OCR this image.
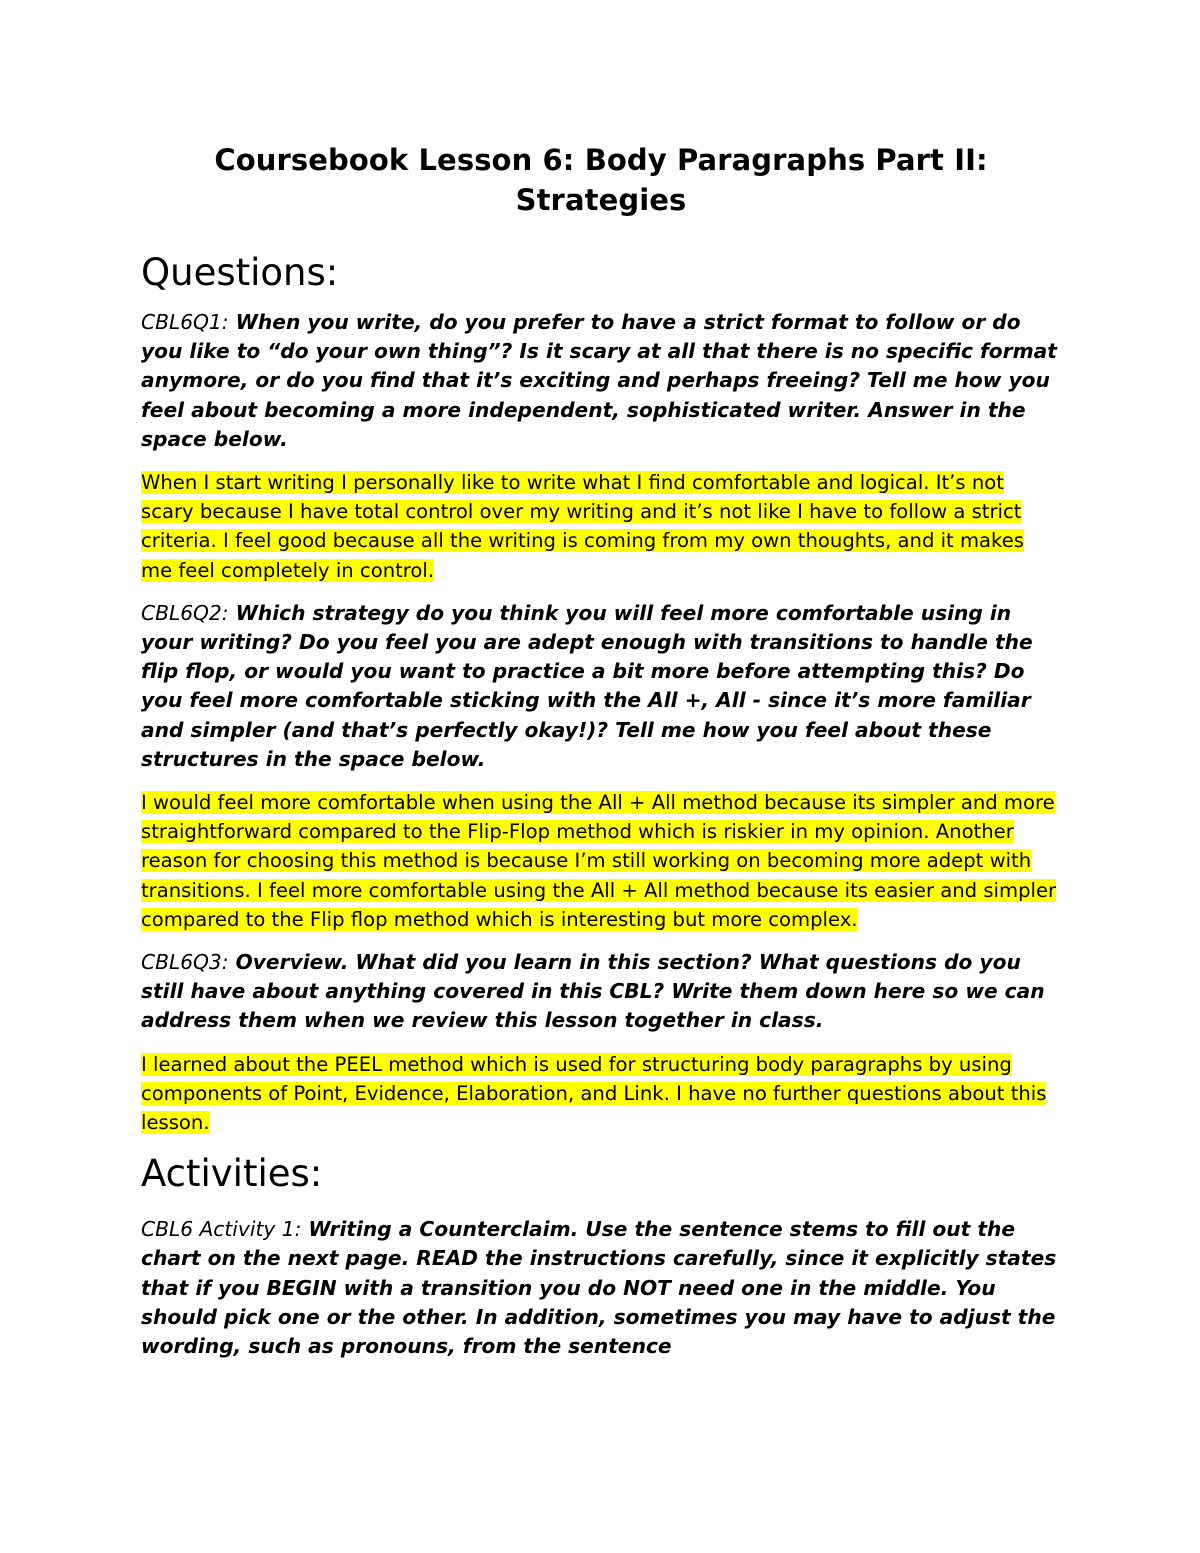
Coursebook Lesson 6: Body Paragraphs Part II:
Strategies
Questions:

CBL6Q1: When you write, do you prefer to have a strict format to follow or do you like to “do your own thing”? Is it scary at all that there is no specific format anymore, or do you find that it’s exciting and perhaps freeing? Tell me how you feel about becoming a more independent, sophisticated writer. Answer in the space below.

When I start writing I personally like to write what I find comfortable and logical. It’s not scary because I have total control over my writing and it’s not like I have to follow a strict criteria. I feel good because all the writing is coming from my own thoughts, and it makes me feel completely in control.

CBL6Q2: Which strategy do you think you will feel more comfortable using in your writing? Do you feel you are adept enough with transitions to handle the flip flop, or would you want to practice a bit more before attempting this? Do you feel more comfortable sticking with the All +, All - since it’s more familiar and simpler (and that’s perfectly okay!)? Tell me how you feel about these structures in the space below.

I would feel more comfortable when using the All + All method because its simpler and more straightforward compared to the Flip-Flop method which is riskier in my opinion. Another reason for choosing this method is because I’m still working on becoming more adept with transitions. I feel more comfortable using the All + All method because its easier and simpler compared to the Flip flop method which is interesting but more complex.

CBL6Q3: Overview. What did you learn in this section? What questions do you still have about anything covered in this CBL? Write them down here so we can address them when we review this lesson together in class.

I learned about the PEEL method which is used for structuring body paragraphs by using components of Point, Evidence, Elaboration, and Link. I have no further questions about this lesson.

Activities:

CBL6 Activity 1: Writing a Counterclaim. Use the sentence stems to fill out the chart on the next page. READ the instructions carefully, since it explicitly states that if you BEGIN with a transition you do NOT need one in the middle. You should pick one or the other. In addition, sometimes you may have to adjust the wording, such as pronouns, from the sentence
